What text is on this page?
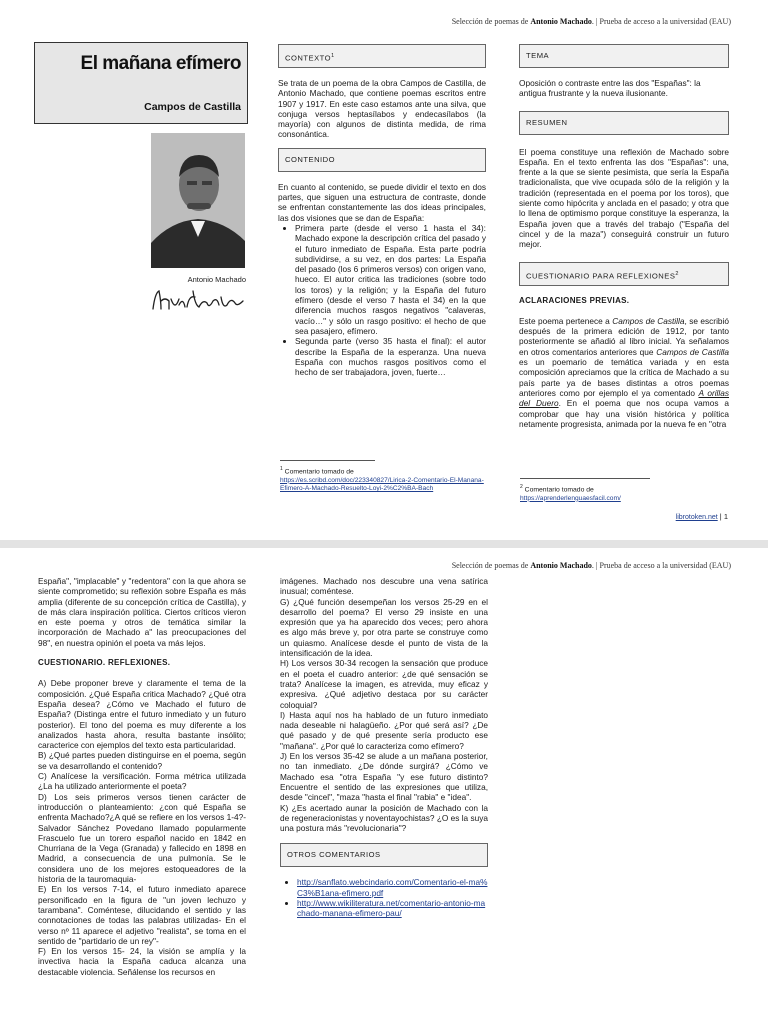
Selección de poemas de Antonio Machado. | Prueba de acceso a la universidad (EAU)
El mañana efímero
Campos de Castilla
Antonio Machado
CONTEXTO$^1$

Se trata de un poema de la obra Campos de Castilla, de Antonio Machado, que contiene poemas escritos entre 1907 y 1917. En este caso estamos ante una silva, que conjuga versos heptasílabos y endecasílabos (la mayoría) con algunos de distinta medida, de rima consonántica.

CONTENIDO

En cuanto al contenido, se puede dividir el texto en dos partes, que siguen una estructura de contraste, donde se enfrentan constantemente las dos ideas principales, las dos visiones que se dan de España:

• Primera parte (desde el verso 1 hasta el 34): Machado expone la descripción crítica del pasado y el futuro inmediato de España. Esta parte podría subdividirse, a su vez, en dos partes: La España del pasado (los 6 primeros versos) con origen vano, hueco. El autor critica las tradiciones (sobre todo los toros) y la religión; y la España del futuro efímero (desde el verso 7 hasta el 34) en la que diferencia muchos rasgos negativos "calaveras, vacío…" y sólo un rasgo positivo: el hecho de que sea pasajero, efímero.
• Segunda parte (verso 35 hasta el final): el autor describe la España de la esperanza. Una nueva España con muchos rasgos positivos como el hecho de ser trabajadora, joven, fuerte…
$^1$ Comentario tomado de
https://es.scribd.com/doc/223340827/Lirica-2-Comentario-El-Manana-Efimero-A-Machado-Resuelto-Loyi-2%C2%BA-Bach
TEMA

Oposición o contraste entre las dos "Españas": la antigua frustrante y la nueva ilusionante.

RESUMEN

El poema constituye una reflexión de Machado sobre España. En el texto enfrenta las dos "Españas": una, frente a la que se siente pesimista, que sería la España tradicionalista, que vive ocupada sólo de la religión y la tradición (representada en el poema por los toros), que siente como hipócrita y anclada en el pasado; y otra que lo llena de optimismo porque constituye la esperanza, la España joven que a través del trabajo ("España del cincel y de la maza") conseguirá construir un futuro mejor.

CUESTIONARIO PARA REFLEXIONES$^2$

ACLARACIONES PREVIAS.

Este poema pertenece a Campos de Castilla, se escribió después de la primera edición de 1912, por tanto posteriormente se añadió al libro inicial. Ya señalamos en otros comentarios anteriores que Campos de Castilla es un poemario de temática variada y en esta composición apreciamos que la crítica de Machado a su país parte ya de bases distintas a otros poemas anteriores como por ejemplo el ya comentado A orillas del Duero. En el poema que nos ocupa vamos a comprobar que hay una visión histórica y política netamente progresista, animada por la nueva fe en "otra

$^2$ Comentario tomado de
https://aprenderlenguaesfacil.com/
librotoken.net | 1
Selección de poemas de Antonio Machado. | Prueba de acceso a la universidad (EAU)

España", "implacable" y "redentora" con la que ahora se siente comprometido; su reflexión sobre España es más amplia (diferente de su concepción crítica de Castilla), y de más clara inspiración política. Ciertos críticos vieron en este poema y otros de temática similar la incorporación de Machado a" las preocupaciones del 98", en nuestra opinión el poeta va más lejos.

CUESTIONARIO. REFLEXIONES.

A) Debe proponer breve y claramente el tema de la composición. ¿Qué España critica Machado? ¿Qué otra España desea? ¿Cómo ve Machado el futuro de España? (Distinga entre el futuro inmediato y un futuro posterior). El tono del poema es muy diferente a los analizados hasta ahora, resulta bastante insólito; caracterice con ejemplos del texto esta particularidad.

B) ¿Qué partes pueden distinguirse en el poema, según se va desarrollando el contenido?

C) Analícese la versificación. Forma métrica utilizada ¿La ha utilizado anteriormente el poeta?

D) Los seis primeros versos tienen carácter de introducción o planteamiento: ¿con qué España se enfrenta Machado?¿A qué se refiere en los versos 1-4?- Salvador Sánchez Povedano llamado popularmente Frascuelo fue un torero español nacido en 1842 en Churriana de la Vega (Granada) y fallecido en 1898 en Madrid, a consecuencia de una pulmonía. Se le considera uno de los mejores estoqueadores de la historia de la tauromaquia-

E) En los versos 7-14, el futuro inmediato aparece personificado en la figura de "un joven lechuzo y tarambana". Coméntese, dilucidando el sentido y las connotaciones de todas las palabras utilizadas- En el verso nº 11 aparece el adjetivo "realista", se toma en el sentido de "partidario de un rey"-

F) En los versos 15- 24, la visión se amplía y la invectiva hacia la España caduca alcanza una destacable violencia. Señálense los recursos en

imágenes. Machado nos descubre una vena satírica inusual; coméntese.

G) ¿Qué función desempeñan los versos 25-29 en el desarrollo del poema? El verso 29 insiste en una expresión que ya ha aparecido dos veces; pero ahora es algo más breve y, por otra parte se construye como un quiasmo. Analícese desde el punto de vista de la intensificación de la idea.

H) Los versos 30-34 recogen la sensación que produce en el poeta el cuadro anterior: ¿de qué sensación se trata? Analícese la imagen, es atrevida, muy eficaz y expresiva. ¿Qué adjetivo destaca por su carácter coloquial?

I) Hasta aquí nos ha hablado de un futuro inmediato nada deseable ni halagüeño. ¿Por qué será así? ¿De qué pasado y de qué presente sería producto ese "mañana". ¿Por qué lo caracteriza como efímero?

J) En los versos 35-42 se alude a un mañana posterior, no tan inmediato. ¿De dónde surgirá? ¿Cómo ve Machado esa "otra España "y ese futuro distinto? Encuentre el sentido de las expresiones que utiliza, desde "cincel", "maza "hasta el final "rabia" e "idea".

K) ¿Es acertado aunar la posición de Machado con la de regeneracionistas y noventayochistas? ¿O es la suya una postura más "revolucionaria"?

OTROS COMENTARIOS
• http://sanflato.webcindario.com/Comentario-el-ma%C3%B1ana-efimero.pdf
• http://www.wikiliteratura.net/comentario-antonio-machado-manana-efimero-pau/
